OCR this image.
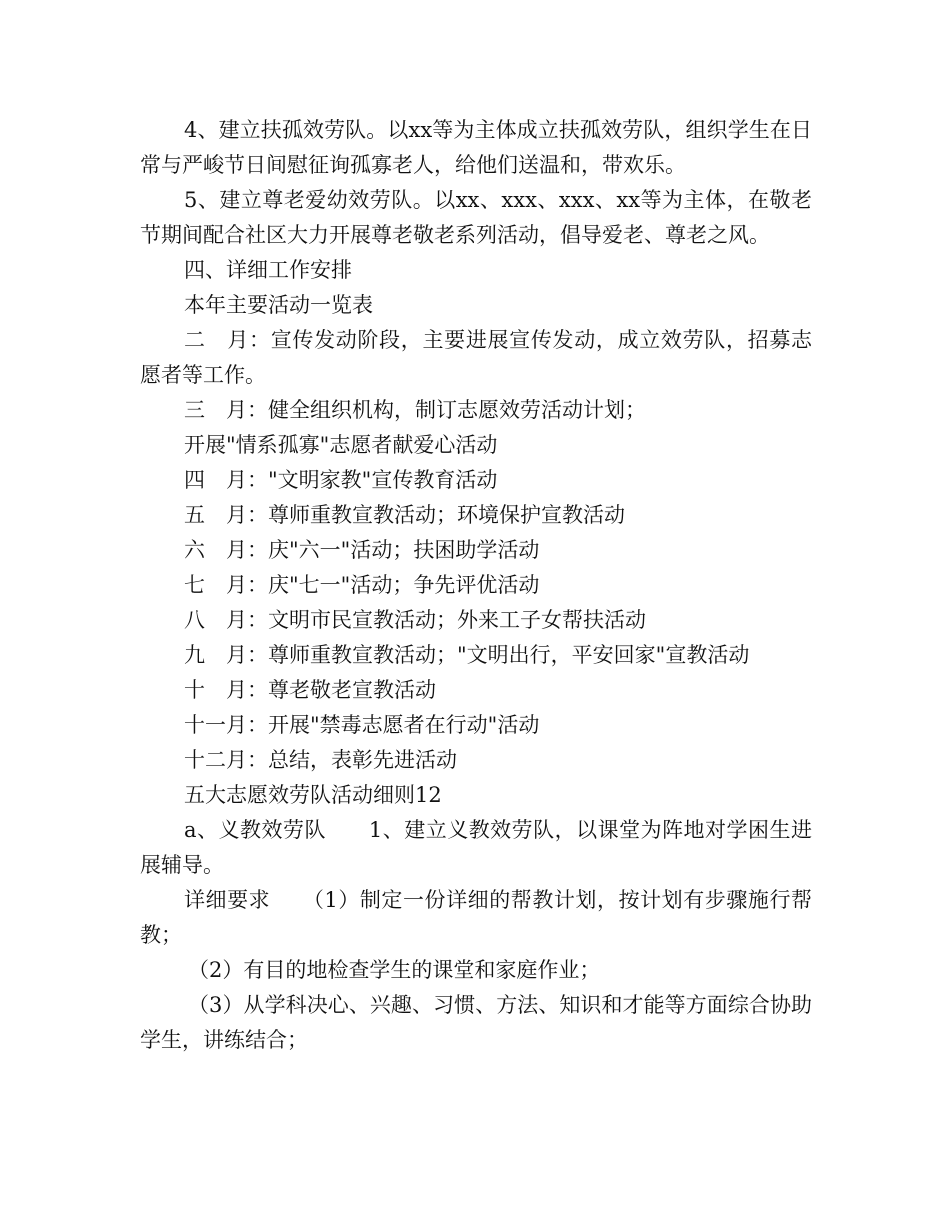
4、建立扶孤效劳队。以xx等为主体成立扶孤效劳队，组织学生在日常与严峻节日间慰征询孤寡老人，给他们送温和，带欢乐。

5、建立尊老爱幼效劳队。以xx、xxx、xxx、xx等为主体，在敬老节期间配合社区大力开展尊老敬老系列活动，倡导爱老、尊老之风。

四、详细工作安排

本年主要活动一览表

二　月：宣传发动阶段，主要进展宣传发动，成立效劳队，招募志愿者等工作。

三　月：健全组织机构，制订志愿效劳活动计划；

开展"情系孤寡"志愿者献爱心活动

四　月："文明家教"宣传教育活动

五　月：尊师重教宣教活动；环境保护宣教活动

六　月：庆"六一"活动；扶困助学活动

七　月：庆"七一"活动；争先评优活动

八　月：文明市民宣教活动；外来工子女帮扶活动

九　月：尊师重教宣教活动；"文明出行，平安回家"宣教活动

十　月：尊老敬老宣教活动

十一月：开展"禁毒志愿者在行动"活动

十二月：总结，表彰先进活动

五大志愿效劳队活动细则12

a、义教效劳队　　1、建立义教效劳队，以课堂为阵地对学困生进展辅导。

详细要求　　（1）制定一份详细的帮教计划，按计划有步骤施行帮教；

（2）有目的地检查学生的课堂和家庭作业；

（3）从学科决心、兴趣、习惯、方法、知识和才能等方面综合协助学生，讲练结合；
